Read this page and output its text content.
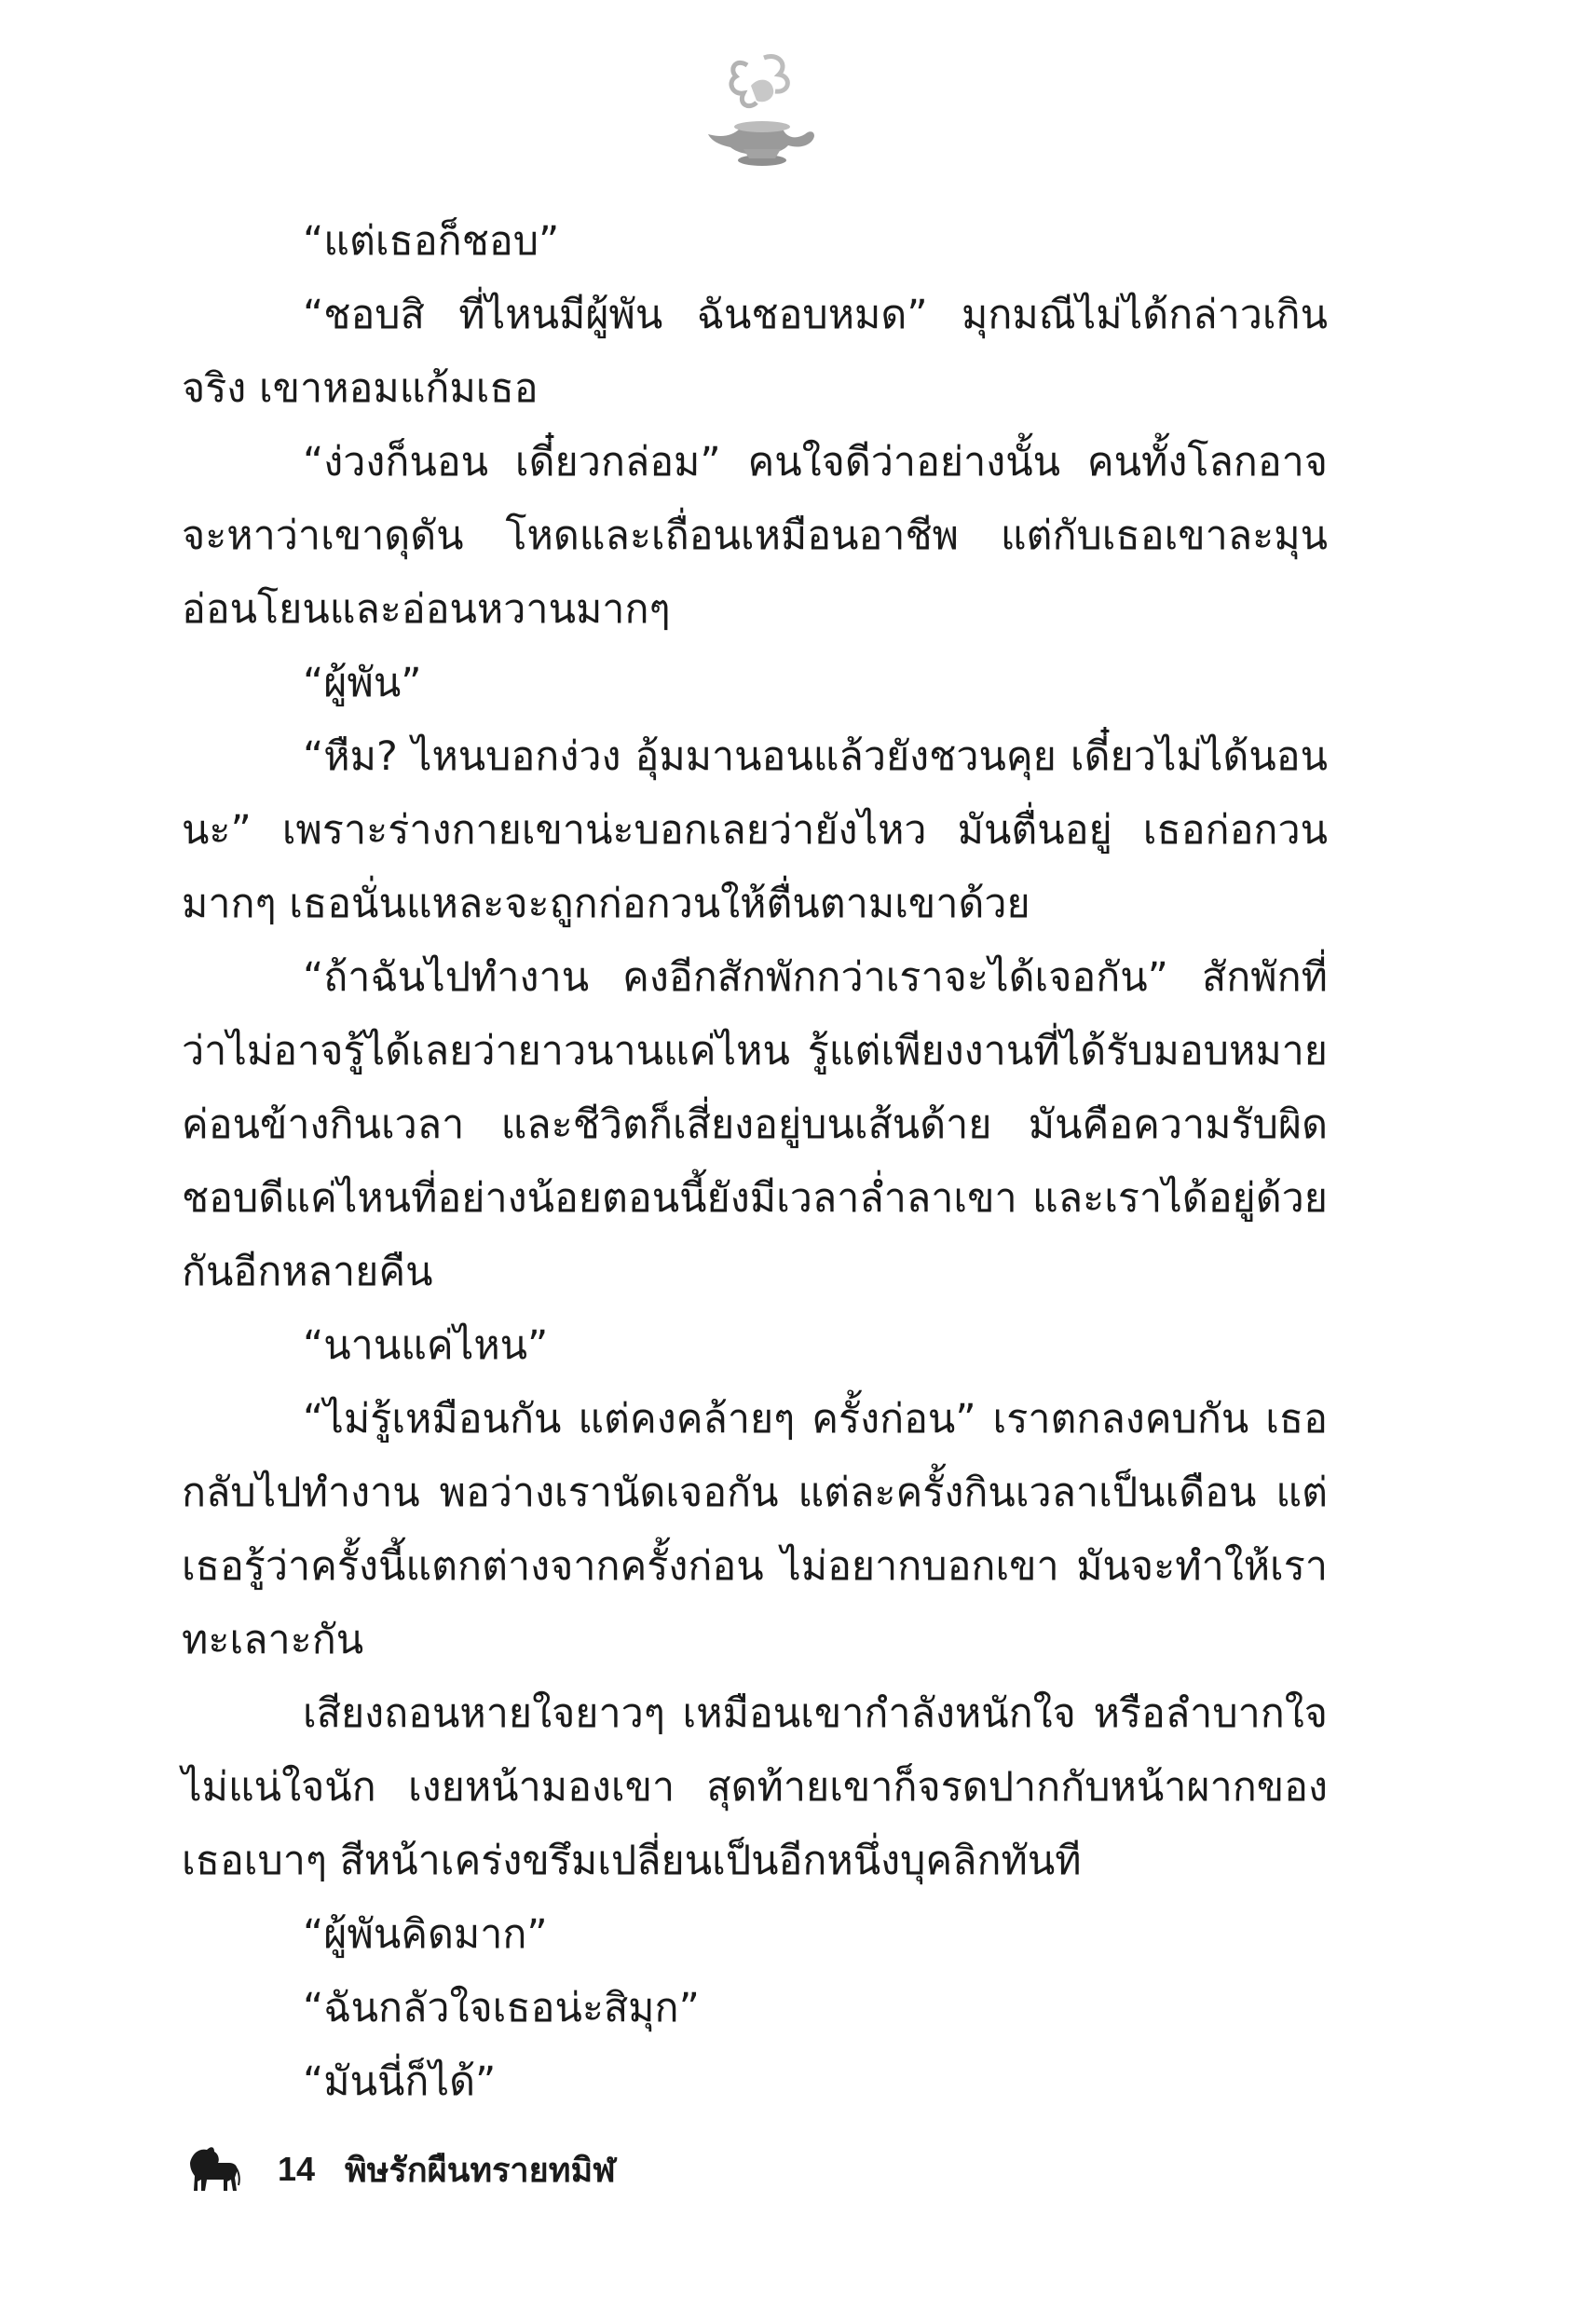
“แต่เธอก็ชอบ”

“ชอบสิ ที่ไหนมีผู้พัน ฉันชอบหมด” มุกมณีไม่ได้กล่าวเกินจริง เขาหอมแก้มเธอ

“ง่วงก็นอน เดี๋ยวกล่อม” คนใจดีว่าอย่างนั้น คนทั้งโลกอาจจะหาว่าเขาดุดัน โหดและเถื่อนเหมือนอาชีพ แต่กับเธอเขาละมุนอ่อนโยนและอ่อนหวานมากๆ

“ผู้พัน”

“หืม? ไหนบอกง่วง อุ้มมานอนแล้วยังชวนคุย เดี๋ยวไม่ได้นอนนะ” เพราะร่างกายเขาน่ะบอกเลยว่ายังไหว มันตื่นอยู่ เธอก่อกวนมากๆ เธอนั่นแหละจะถูกก่อกวนให้ตื่นตามเขาด้วย

“ถ้าฉันไปทำงาน คงอีกสักพักกว่าเราจะได้เจอกัน” สักพักที่ว่าไม่อาจรู้ได้เลยว่ายาวนานแค่ไหน รู้แต่เพียงงานที่ได้รับมอบหมายค่อนข้างกินเวลา และชีวิตก็เสี่ยงอยู่บนเส้นด้าย มันคือความรับผิดชอบดีแค่ไหนที่อย่างน้อยตอนนี้ยังมีเวลาล่ำลาเขา และเราได้อยู่ด้วยกันอีกหลายคืน

“นานแค่ไหน”

“ไม่รู้เหมือนกัน แต่คงคล้ายๆ ครั้งก่อน” เราตกลงคบกัน เธอกลับไปทำงาน พอว่างเรานัดเจอกัน แต่ละครั้งกินเวลาเป็นเดือน แต่เธอรู้ว่าครั้งนี้แตกต่างจากครั้งก่อน ไม่อยากบอกเขา มันจะทำให้เราทะเลาะกัน

เสียงถอนหายใจยาวๆ เหมือนเขากำลังหนักใจ หรือลำบากใจไม่แน่ใจนัก เงยหน้ามองเขา สุดท้ายเขาก็จรดปากกับหน้าผากของเธอเบาๆ สีหน้าเคร่งขรึมเปลี่ยนเป็นอีกหนึ่งบุคลิกทันที

“ผู้พันคิดมาก”

“ฉันกลัวใจเธอน่ะสิมุก”

“มันนี่ก็ได้”

14 พิษรักผืนทรายทมิฬ
